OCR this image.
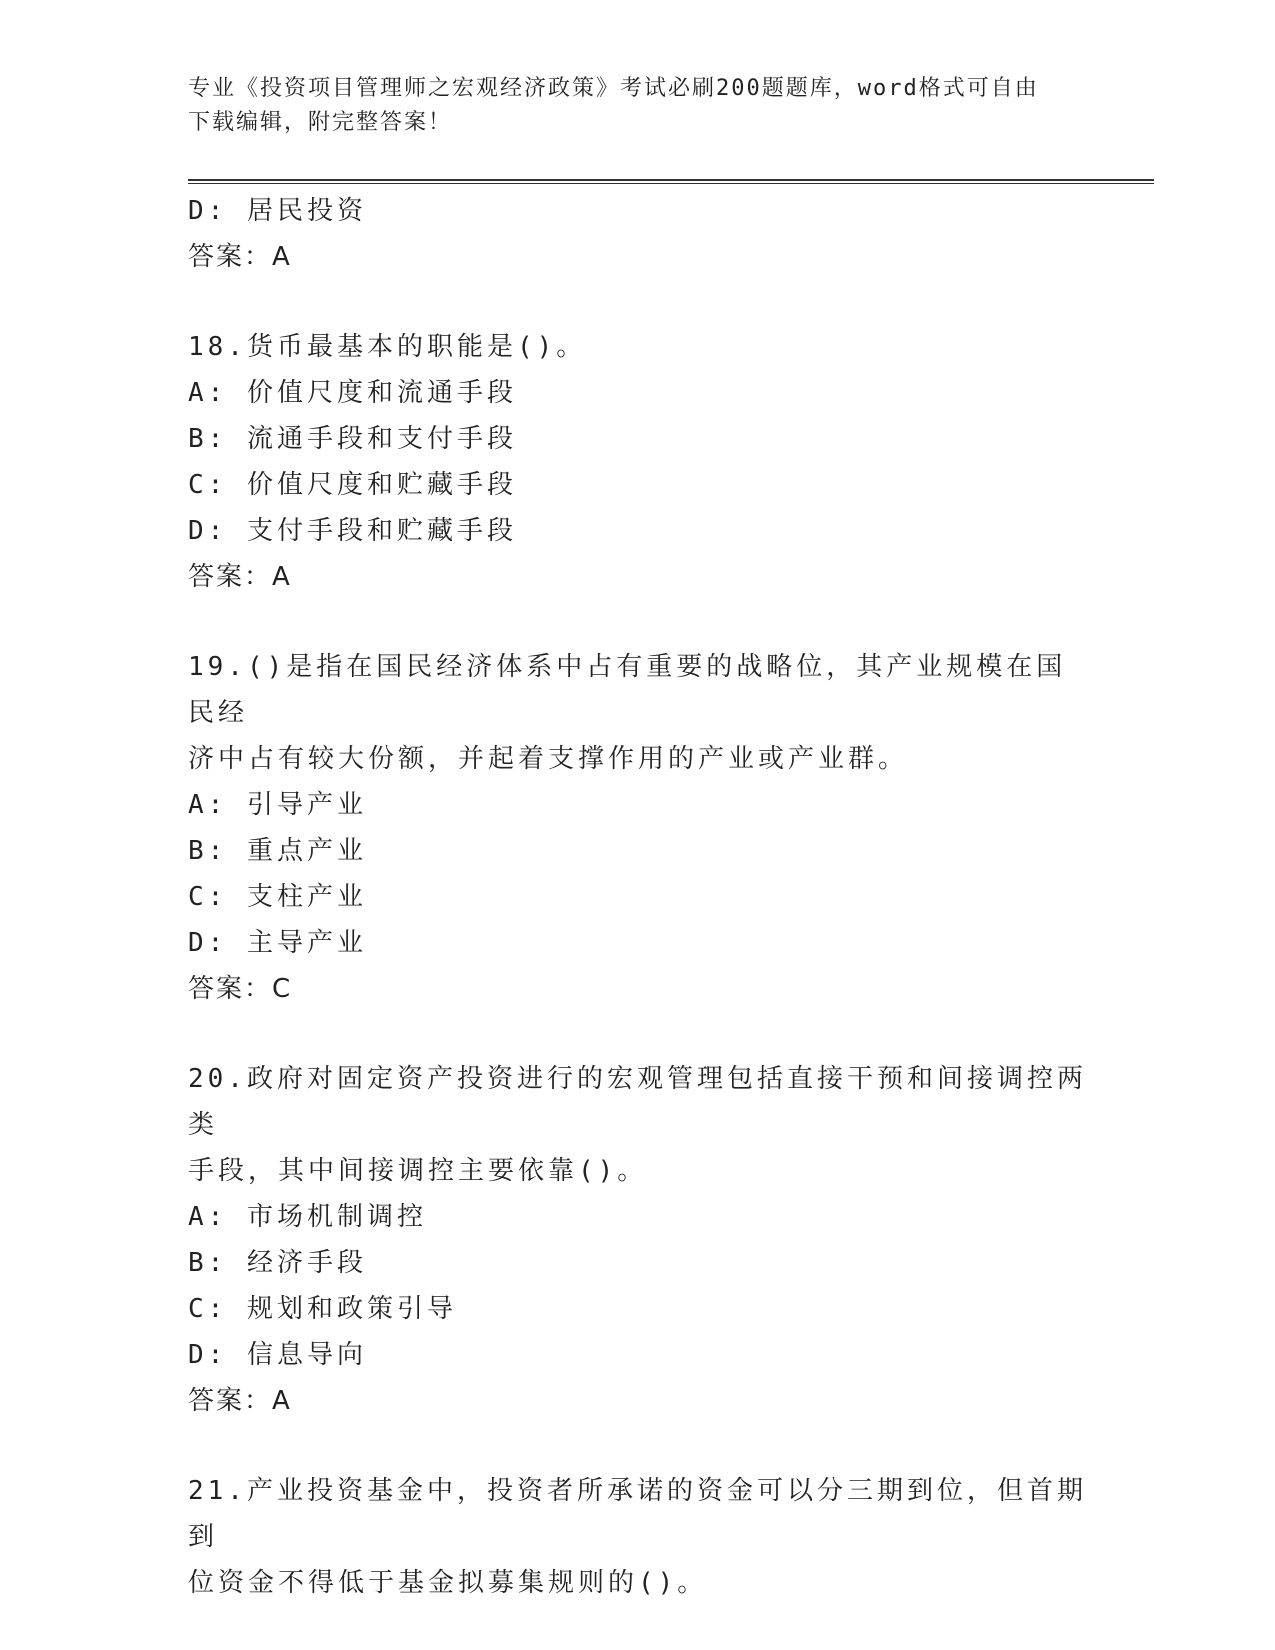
专业《投资项目管理师之宏观经济政策》考试必刷200题题库，word格式可自由
下载编辑，附完整答案！
D: 居民投资
答案：A
18.货币最基本的职能是()。
A: 价值尺度和流通手段
B: 流通手段和支付手段
C: 价值尺度和贮藏手段
D: 支付手段和贮藏手段
答案：A
19.()是指在国民经济体系中占有重要的战略位，其产业规模在国民经
济中占有较大份额，并起着支撑作用的产业或产业群。
A: 引导产业
B: 重点产业
C: 支柱产业
D: 主导产业
答案：C
20.政府对固定资产投资进行的宏观管理包括直接干预和间接调控两类
手段，其中间接调控主要依靠()。
A: 市场机制调控
B: 经济手段
C: 规划和政策引导
D: 信息导向
答案：A
21.产业投资基金中，投资者所承诺的资金可以分三期到位，但首期到
位资金不得低于基金拟募集规则的()。
